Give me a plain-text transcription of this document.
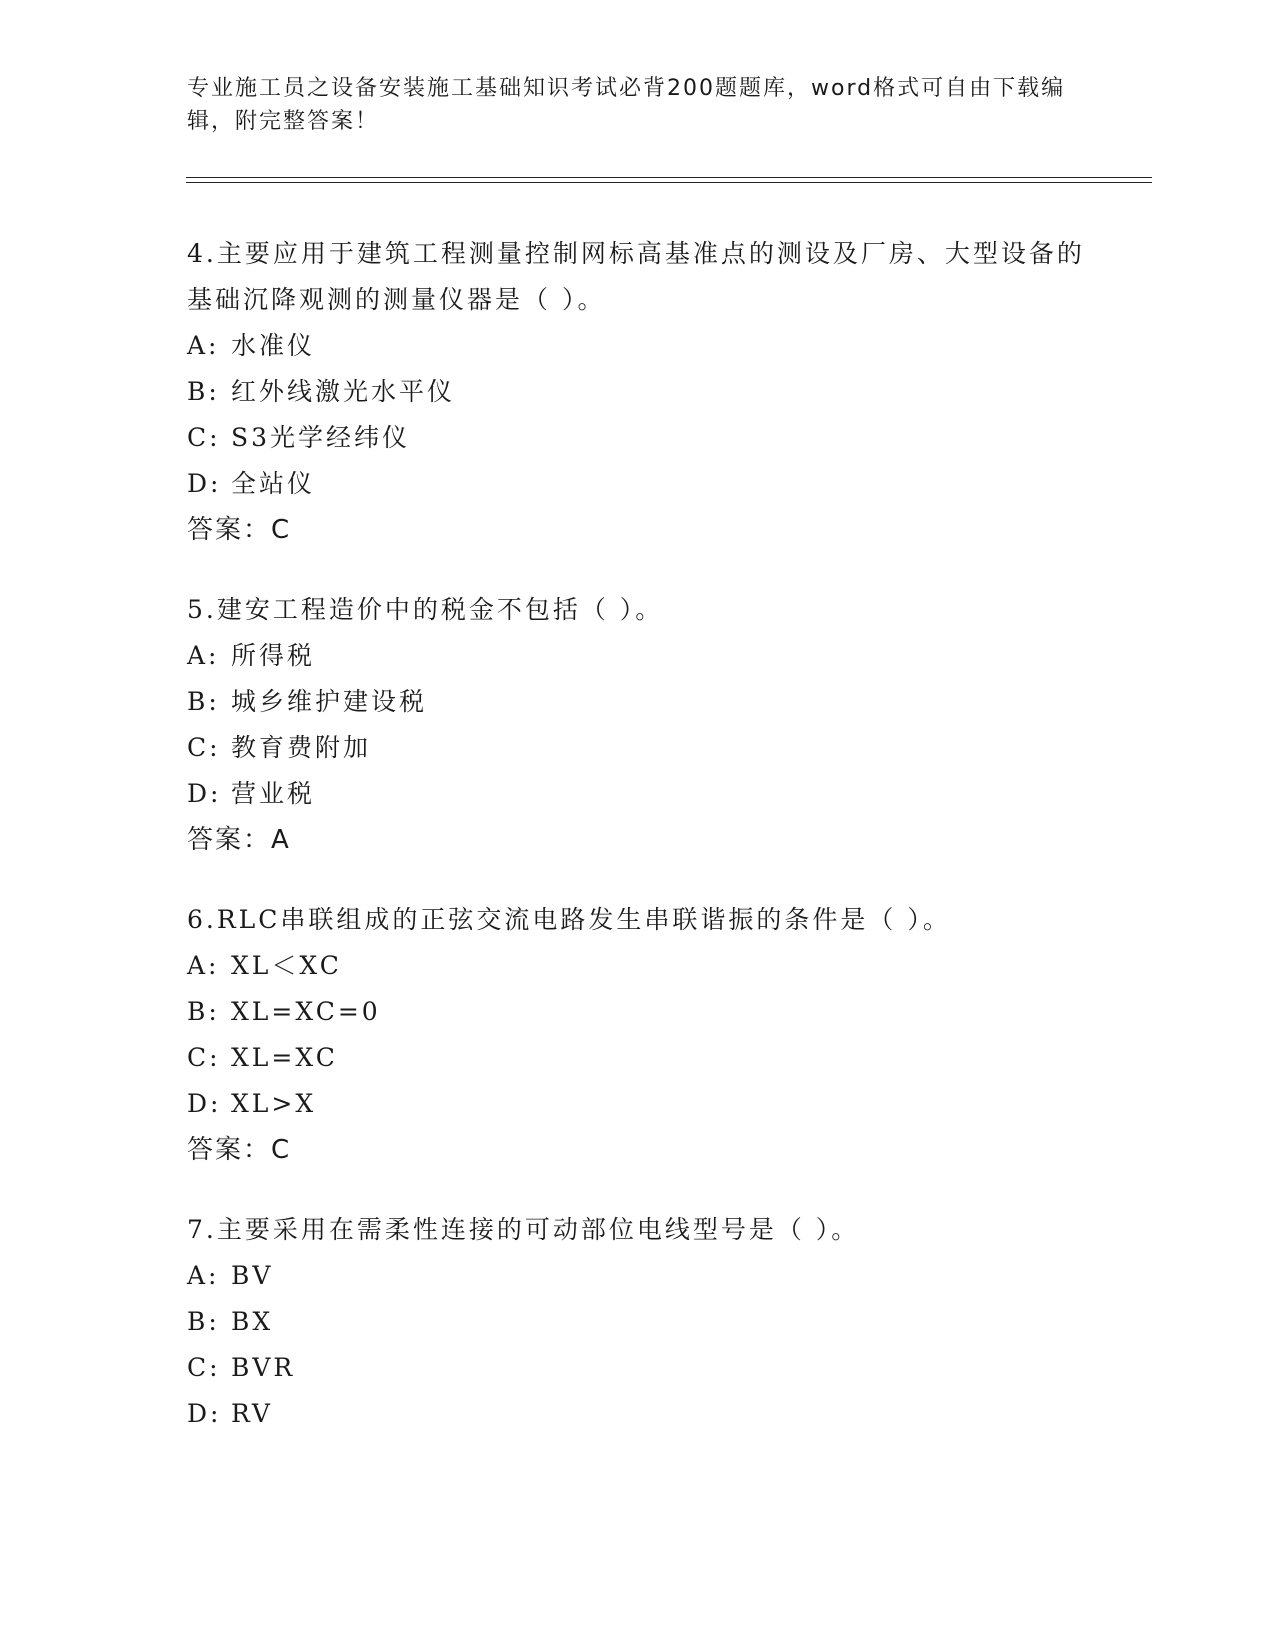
专业施工员之设备安装施工基础知识考试必背200题题库，word格式可自由下载编辑，附完整答案！

4.主要应用于建筑工程测量控制网标高基准点的测设及厂房、大型设备的基础沉降观测的测量仪器是（ ）。

A: 水准仪

B: 红外线激光水平仪

C: S3光学经纬仪

D: 全站仪

答案：C

5.建安工程造价中的税金不包括（ ）。

A: 所得税

B: 城乡维护建设税

C: 教育费附加

D: 营业税

答案：A

6.RLC串联组成的正弦交流电路发生串联谐振的条件是（ ）。

A: XL＜XC

B: XL=XC=0

C: XL=XC

D: XL>X

答案：C

7.主要采用在需柔性连接的可动部位电线型号是（ ）。

A: BV

B: BX

C: BVR

D: RV
